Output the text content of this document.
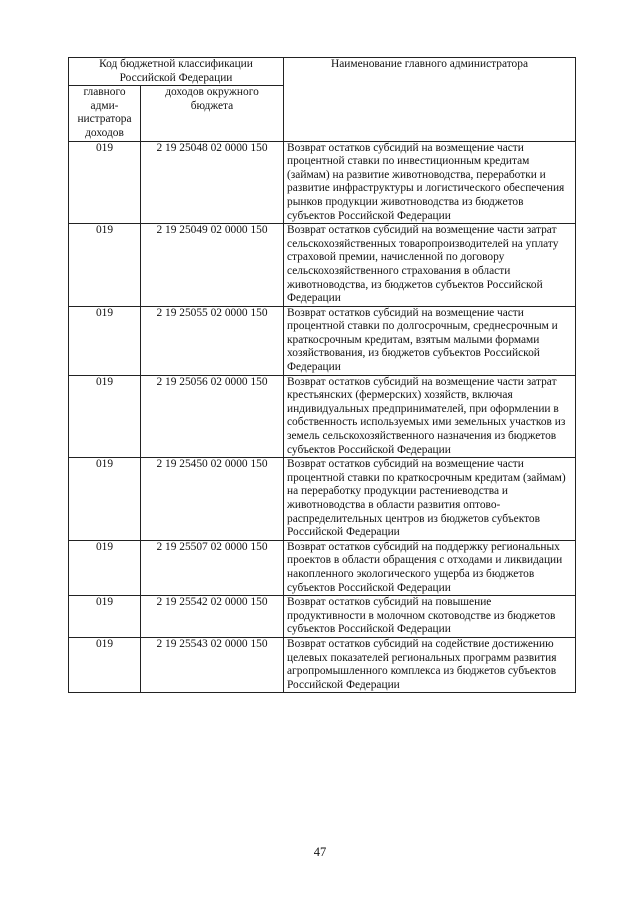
Код бюджетной классификации Российской Федерации		Наименование главного администратора
главного адми-нистратора доходов	доходов окружного бюджета	
019	2 19 25048 02 0000 150	Возврат остатков субсидий на возмещение части процентной ставки по инвестиционным кредитам (займам) на развитие животноводства, переработки и развитие инфраструктуры и логистического обеспечения рынков продукции животноводства из бюджетов субъектов Российской Федерации
019	2 19 25049 02 0000 150	Возврат остатков субсидий на возмещение части затрат сельскохозяйственных товаропроизводителей на уплату страховой премии, начисленной по договору сельскохозяйственного страхования в области животноводства, из бюджетов субъектов Российской Федерации
019	2 19 25055 02 0000 150	Возврат остатков субсидий на возмещение части процентной ставки по долгосрочным, среднесрочным и краткосрочным кредитам, взятым малыми формами хозяйствования, из бюджетов субъектов Российской Федерации
019	2 19 25056 02 0000 150	Возврат остатков субсидий на возмещение части затрат крестьянских (фермерских) хозяйств, включая индивидуальных предпринимателей, при оформлении в собственность используемых ими земельных участков из земель сельскохозяйственного назначения из бюджетов субъектов Российской Федерации
019	2 19 25450 02 0000 150	Возврат остатков субсидий на возмещение части процентной ставки по краткосрочным кредитам (займам) на переработку продукции растениеводства и животноводства в области развития оптово-распределительных центров из бюджетов субъектов Российской Федерации
019	2 19 25507 02 0000 150	Возврат остатков субсидий на поддержку региональных проектов в области обращения с отходами и ликвидации накопленного экологического ущерба из бюджетов субъектов Российской Федерации
019	2 19 25542 02 0000 150	Возврат остатков субсидий на повышение продуктивности в молочном скотоводстве из бюджетов субъектов Российской Федерации
019	2 19 25543 02 0000 150	Возврат остатков субсидий на содействие достижению целевых показателей региональных программ развития агропромышленного комплекса из бюджетов субъектов Российской Федерации
47
